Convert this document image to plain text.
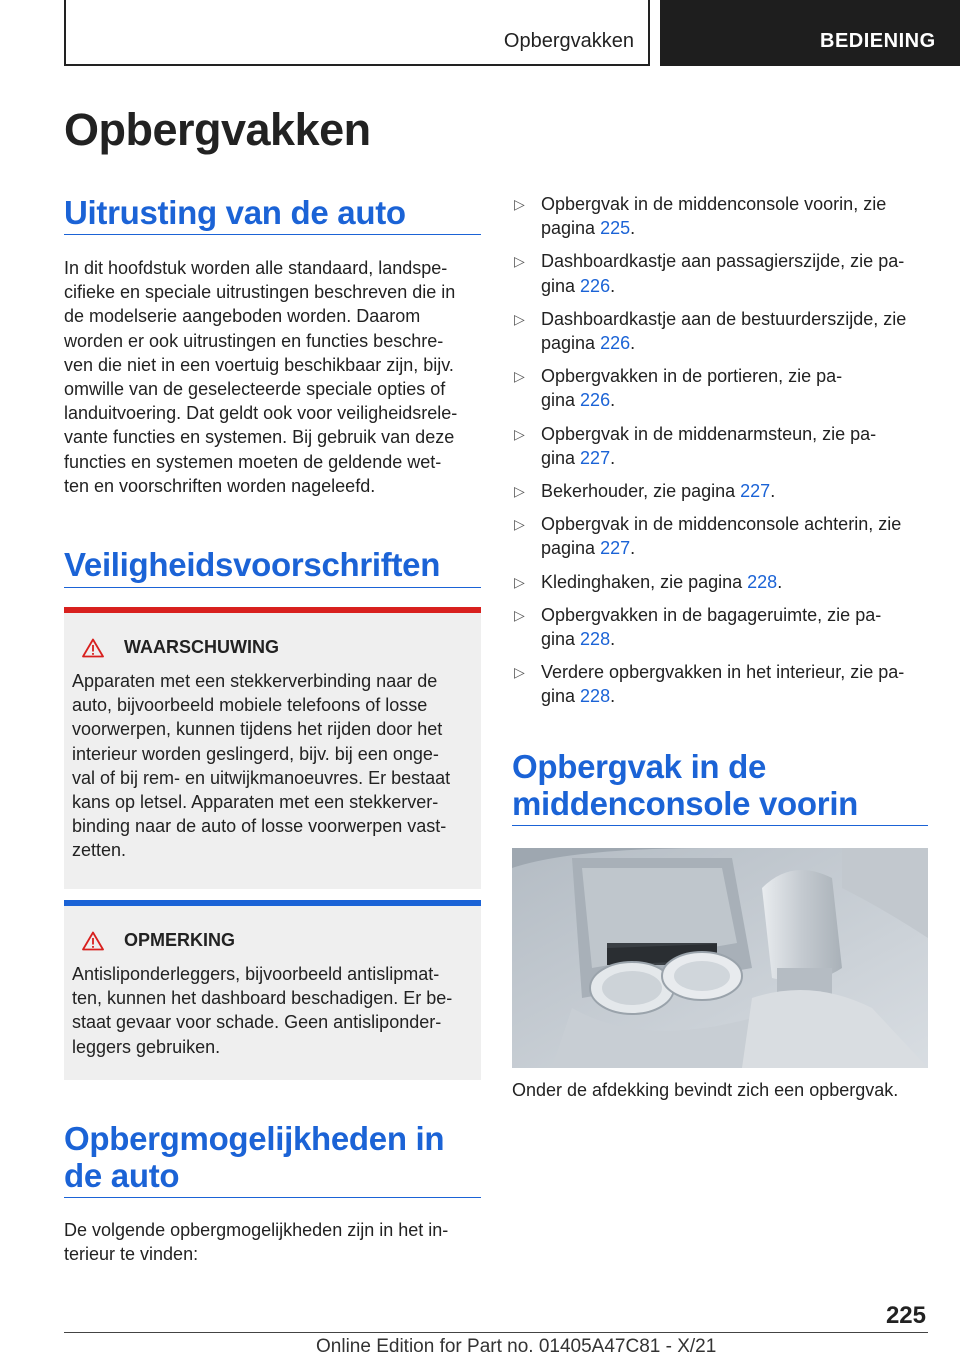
Opbergvakken	BEDIENING
Opbergvakken
Uitrusting van de auto
In dit hoofdstuk worden alle standaard, landspe-
cifieke en speciale uitrustingen beschreven die in
de modelserie aangeboden worden. Daarom
worden er ook uitrustingen en functies beschre-
ven die niet in een voertuig beschikbaar zijn, bijv.
omwille van de geselecteerde speciale opties of
landuitvoering. Dat geldt ook voor veiligheidsrele-
vante functies en systemen. Bij gebruik van deze
functies en systemen moeten de geldende wet-
ten en voorschriften worden nageleefd.
Veiligheidsvoorschriften
WAARSCHUWING
Apparaten met een stekkerverbinding naar de
auto, bijvoorbeeld mobiele telefoons of losse
voorwerpen, kunnen tijdens het rijden door het
interieur worden geslingerd, bijv. bij een onge-
val of bij rem- en uitwijkmanoeuvres. Er bestaat
kans op letsel. Apparaten met een stekkerver-
binding naar de auto of losse voorwerpen vast-
zetten.
OPMERKING
Antisliponderleggers, bijvoorbeeld antislipmat-
ten, kunnen het dashboard beschadigen. Er be-
staat gevaar voor schade. Geen antisliponder-
leggers gebruiken.
Opbergmogelijkheden in
de auto
De volgende opbergmogelijkheden zijn in het in-
terieur te vinden:
▷ Opbergvak in de middenconsole voorin, zie
pagina 225.
▷ Dashboardkastje aan passagierszijde, zie pa-
gina 226.
▷ Dashboardkastje aan de bestuurderszijde, zie
pagina 226.
▷ Opbergvakken in de portieren, zie pa-
gina 226.
▷ Opbergvak in de middenarmsteun, zie pa-
gina 227.
▷ Bekerhouder, zie pagina 227.
▷ Opbergvak in de middenconsole achterin, zie
pagina 227.
▷ Kledinghaken, zie pagina 228.
▷ Opbergvakken in de bagageruimte, zie pa-
gina 228.
▷ Verdere opbergvakken in het interieur, zie pa-
gina 228.
Opbergvak in de
middenconsole voorin
Onder de afdekking bevindt zich een opbergvak.
225
Online Edition for Part no. 01405A47C81 - X/21
